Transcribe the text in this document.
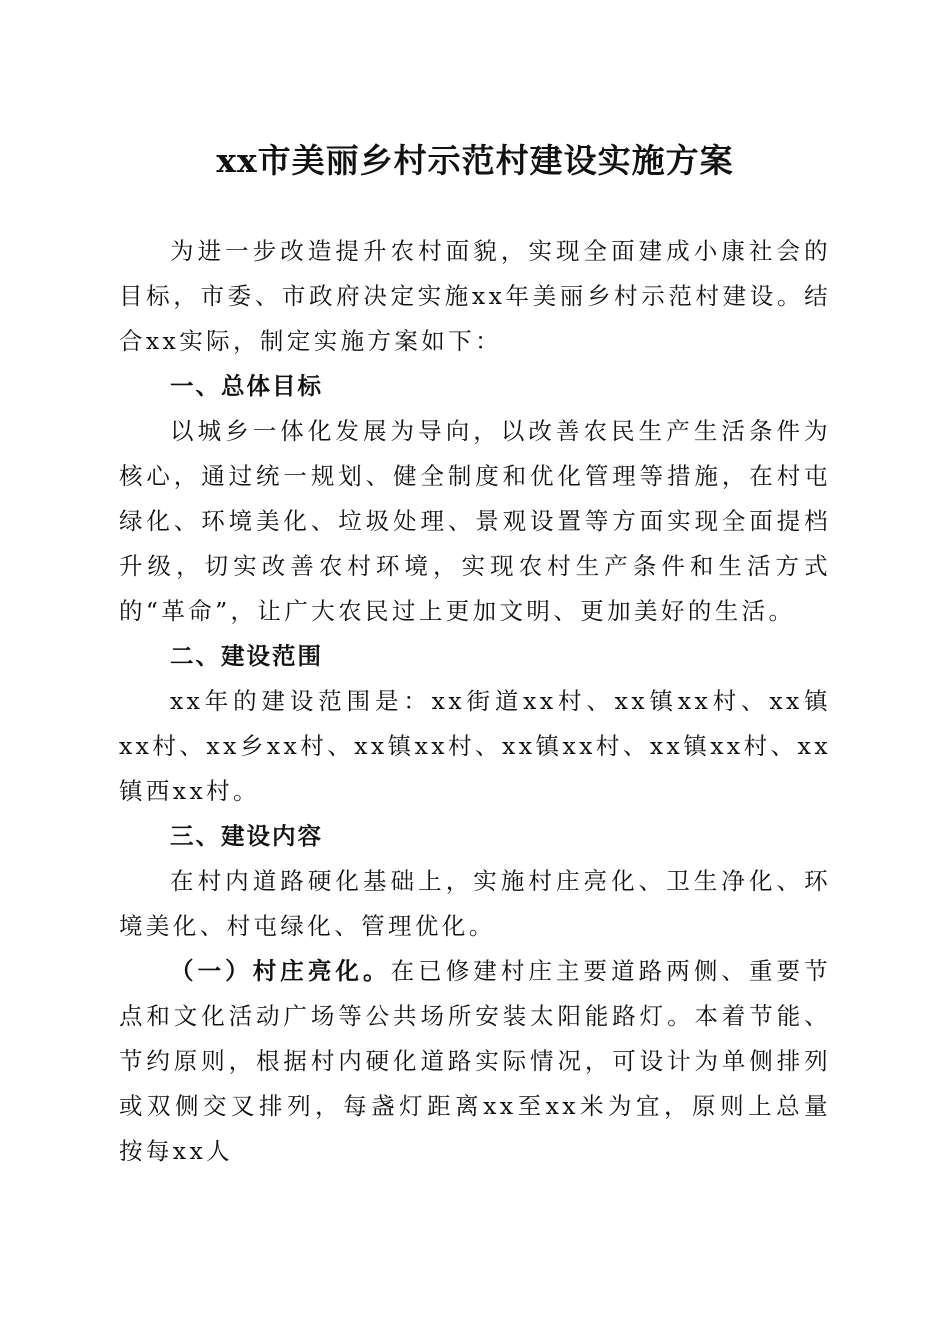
xx市美丽乡村示范村建设实施方案

为进一步改造提升农村面貌，实现全面建成小康社会的目标，市委、市政府决定实施xx年美丽乡村示范村建设。结合xx实际，制定实施方案如下：

一、总体目标

以城乡一体化发展为导向，以改善农民生产生活条件为核心，通过统一规划、健全制度和优化管理等措施，在村屯绿化、环境美化、垃圾处理、景观设置等方面实现全面提档升级，切实改善农村环境，实现农村生产条件和生活方式的“革命”，让广大农民过上更加文明、更加美好的生活。

二、建设范围

xx年的建设范围是：xx街道xx村、xx镇xx村、xx镇xx村、xx乡xx村、xx镇xx村、xx镇xx村、xx镇xx村、xx镇西xx村。

三、建设内容

在村内道路硬化基础上，实施村庄亮化、卫生净化、环境美化、村屯绿化、管理优化。

（一）村庄亮化。在已修建村庄主要道路两侧、重要节点和文化活动广场等公共场所安装太阳能路灯。本着节能、节约原则，根据村内硬化道路实际情况，可设计为单侧排列或双侧交叉排列，每盏灯距离xx至xx米为宜，原则上总量按每xx人
